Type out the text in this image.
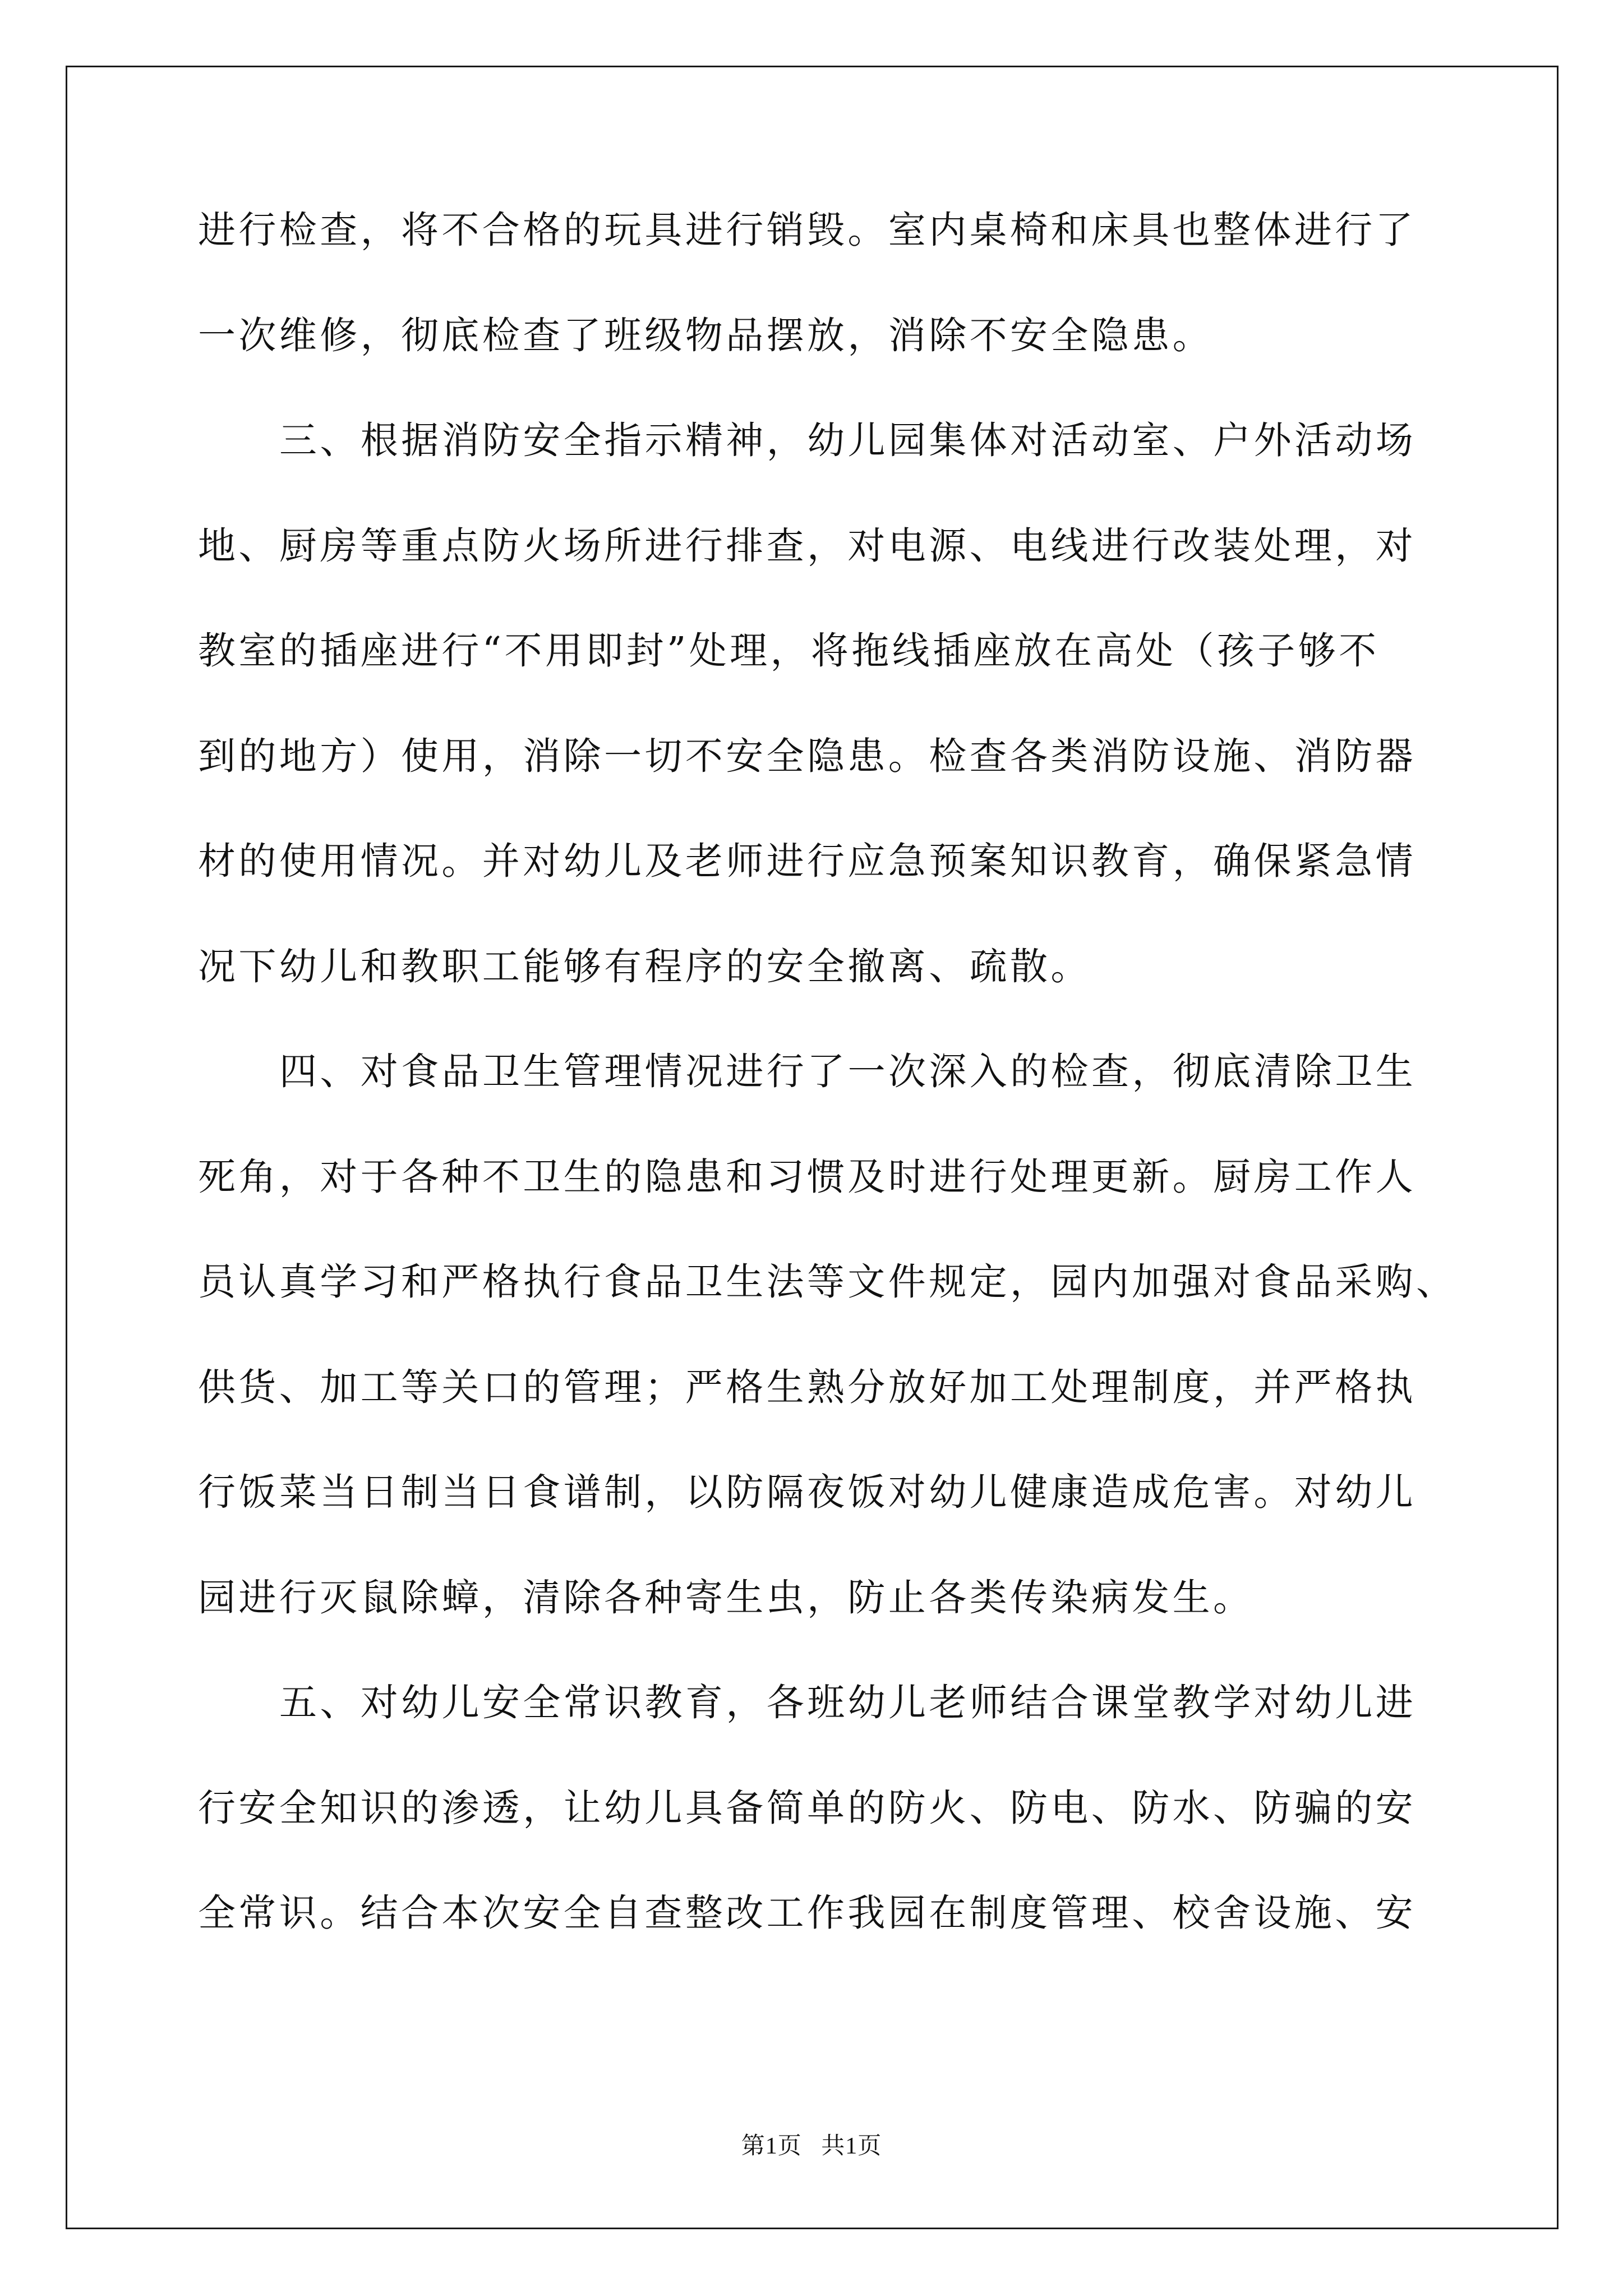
进行检查，将不合格的玩具进行销毁。室内桌椅和床具也整体进行了
一次维修，彻底检查了班级物品摆放，消除不安全隐患。
三、根据消防安全指示精神，幼儿园集体对活动室、户外活动场
地、厨房等重点防火场所进行排查，对电源、电线进行改装处理，对
教室的插座进行“不用即封”处理，将拖线插座放在高处（孩子够不
到的地方）使用，消除一切不安全隐患。检查各类消防设施、消防器
材的使用情况。并对幼儿及老师进行应急预案知识教育，确保紧急情
况下幼儿和教职工能够有程序的安全撤离、疏散。
四、对食品卫生管理情况进行了一次深入的检查，彻底清除卫生
死角，对于各种不卫生的隐患和习惯及时进行处理更新。厨房工作人
员认真学习和严格执行食品卫生法等文件规定，园内加强对食品采购、
供货、加工等关口的管理；严格生熟分放好加工处理制度，并严格执
行饭菜当日制当日食谱制，以防隔夜饭对幼儿健康造成危害。对幼儿
园进行灭鼠除蟑，清除各种寄生虫，防止各类传染病发生。
五、对幼儿安全常识教育，各班幼儿老师结合课堂教学对幼儿进
行安全知识的渗透，让幼儿具备简单的防火、防电、防水、防骗的安
全常识。结合本次安全自查整改工作我园在制度管理、校舍设施、安
第1页 共1页
